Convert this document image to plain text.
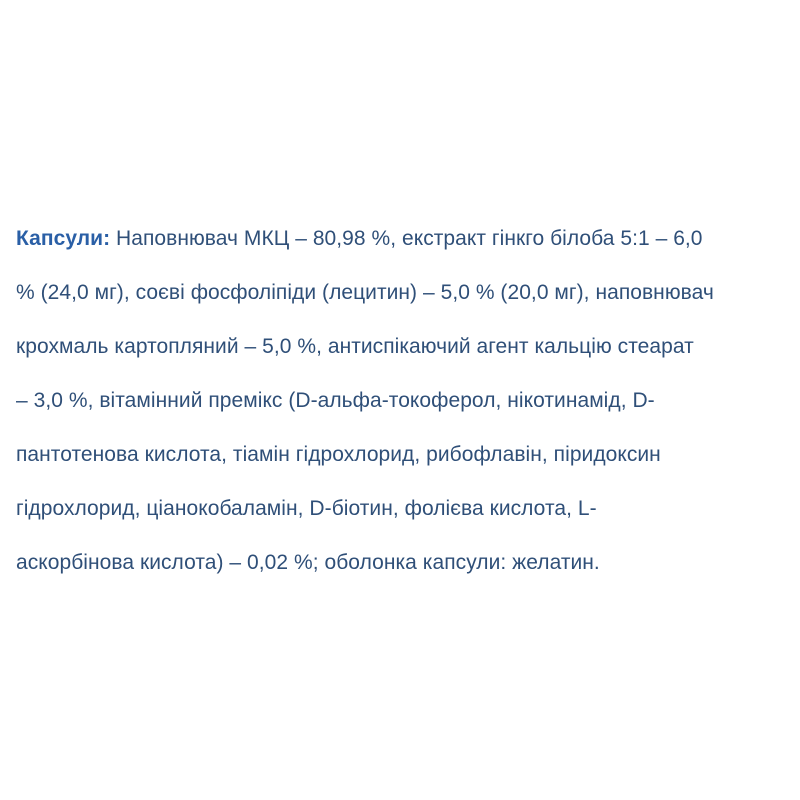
Капсули: Наповнювач МКЦ – 80,98 %, екстракт гінкго білоба 5:1 – 6,0
% (24,0 мг), соєві фосфоліпіди (лецитин) – 5,0 % (20,0 мг), наповнювач
крохмаль картопляний – 5,0 %, антиспікаючий агент кальцію стеарат
– 3,0 %, вітамінний премікс (D-альфа-токоферол, нікотинамід, D-
пантотенова кислота, тіамін гідрохлорид, рибофлавін, піридоксин
гідрохлорид, ціанокобаламін, D-біотин, фолієва кислота, L-
аскорбінова кислота) – 0,02 %; оболонка капсули: желатин.
